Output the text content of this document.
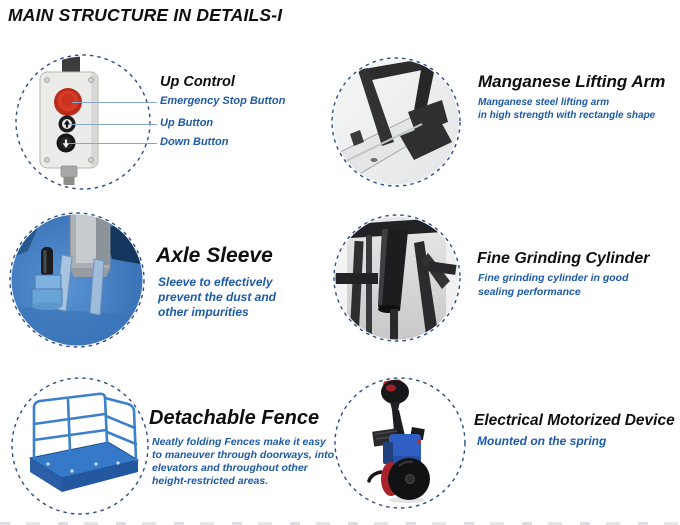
MAIN STRUCTURE IN DETAILS-I
Up Control
Emergency Stop Button
Up Button
Down Button
Manganese Lifting Arm
Manganese steel lifting arm
in high strength with rectangle shape
Axle Sleeve
Sleeve to effectively
prevent the dust and
other impurities
Fine Grinding Cylinder
Fine grinding cylinder in good
sealing performance
Detachable Fence
Neatly folding Fences make it easy
to maneuver through doorways, into
elevators and throughout other
height-restricted areas.
Electrical Motorized Device
Mounted on the spring
